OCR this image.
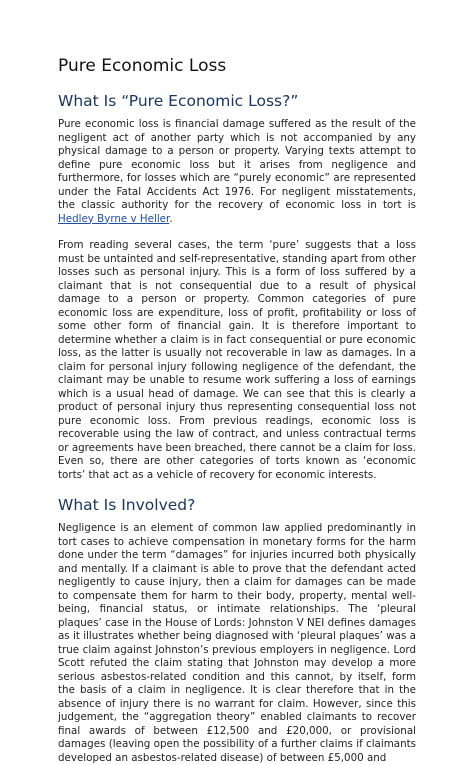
Pure Economic Loss
What Is “Pure Economic Loss?”

Pure economic loss is financial damage suffered as the result of the negligent act of another party which is not accompanied by any physical damage to a person or property. Varying texts attempt to define pure economic loss but it arises from negligence and furthermore, for losses which are “purely economic” are represented under the Fatal Accidents Act 1976. For negligent misstatements, the classic authority for the recovery of economic loss in tort is Hedley Byrne v Heller.

From reading several cases, the term ‘pure’ suggests that a loss must be untainted and self-representative, standing apart from other losses such as personal injury. This is a form of loss suffered by a claimant that is not consequential due to a result of physical damage to a person or property. Common categories of pure economic loss are expenditure, loss of profit, profitability or loss of some other form of financial gain. It is therefore important to determine whether a claim is in fact consequential or pure economic loss, as the latter is usually not recoverable in law as damages. In a claim for personal injury following negligence of the defendant, the claimant may be unable to resume work suffering a loss of earnings which is a usual head of damage. We can see that this is clearly a product of personal injury thus representing consequential loss not pure economic loss. From previous readings, economic loss is recoverable using the law of contract, and unless contractual terms or agreements have been breached, there cannot be a claim for loss. Even so, there are other categories of torts known as ‘economic torts’ that act as a vehicle of recovery for economic interests.

What Is Involved?

Negligence is an element of common law applied predominantly in tort cases to achieve compensation in monetary forms for the harm done under the term “damages” for injuries incurred both physically and mentally. If a claimant is able to prove that the defendant acted negligently to cause injury, then a claim for damages can be made to compensate them for harm to their body, property, mental well-being, financial status, or intimate relationships. The ‘pleural plaques’ case in the House of Lords: Johnston V NEI defines damages as it illustrates whether being diagnosed with ‘pleural plaques’ was a true claim against Johnston’s previous employers in negligence. Lord Scott refuted the claim stating that Johnston may develop a more serious asbestos-related condition and this cannot, by itself, form the basis of a claim in negligence. It is clear therefore that in the absence of injury there is no warrant for claim. However, since this judgement, the “aggregation theory” enabled claimants to recover final awards of between £12,500 and £20,000, or provisional damages (leaving open the possibility of a further claims if claimants developed an asbestos-related disease) of between £5,000 and
